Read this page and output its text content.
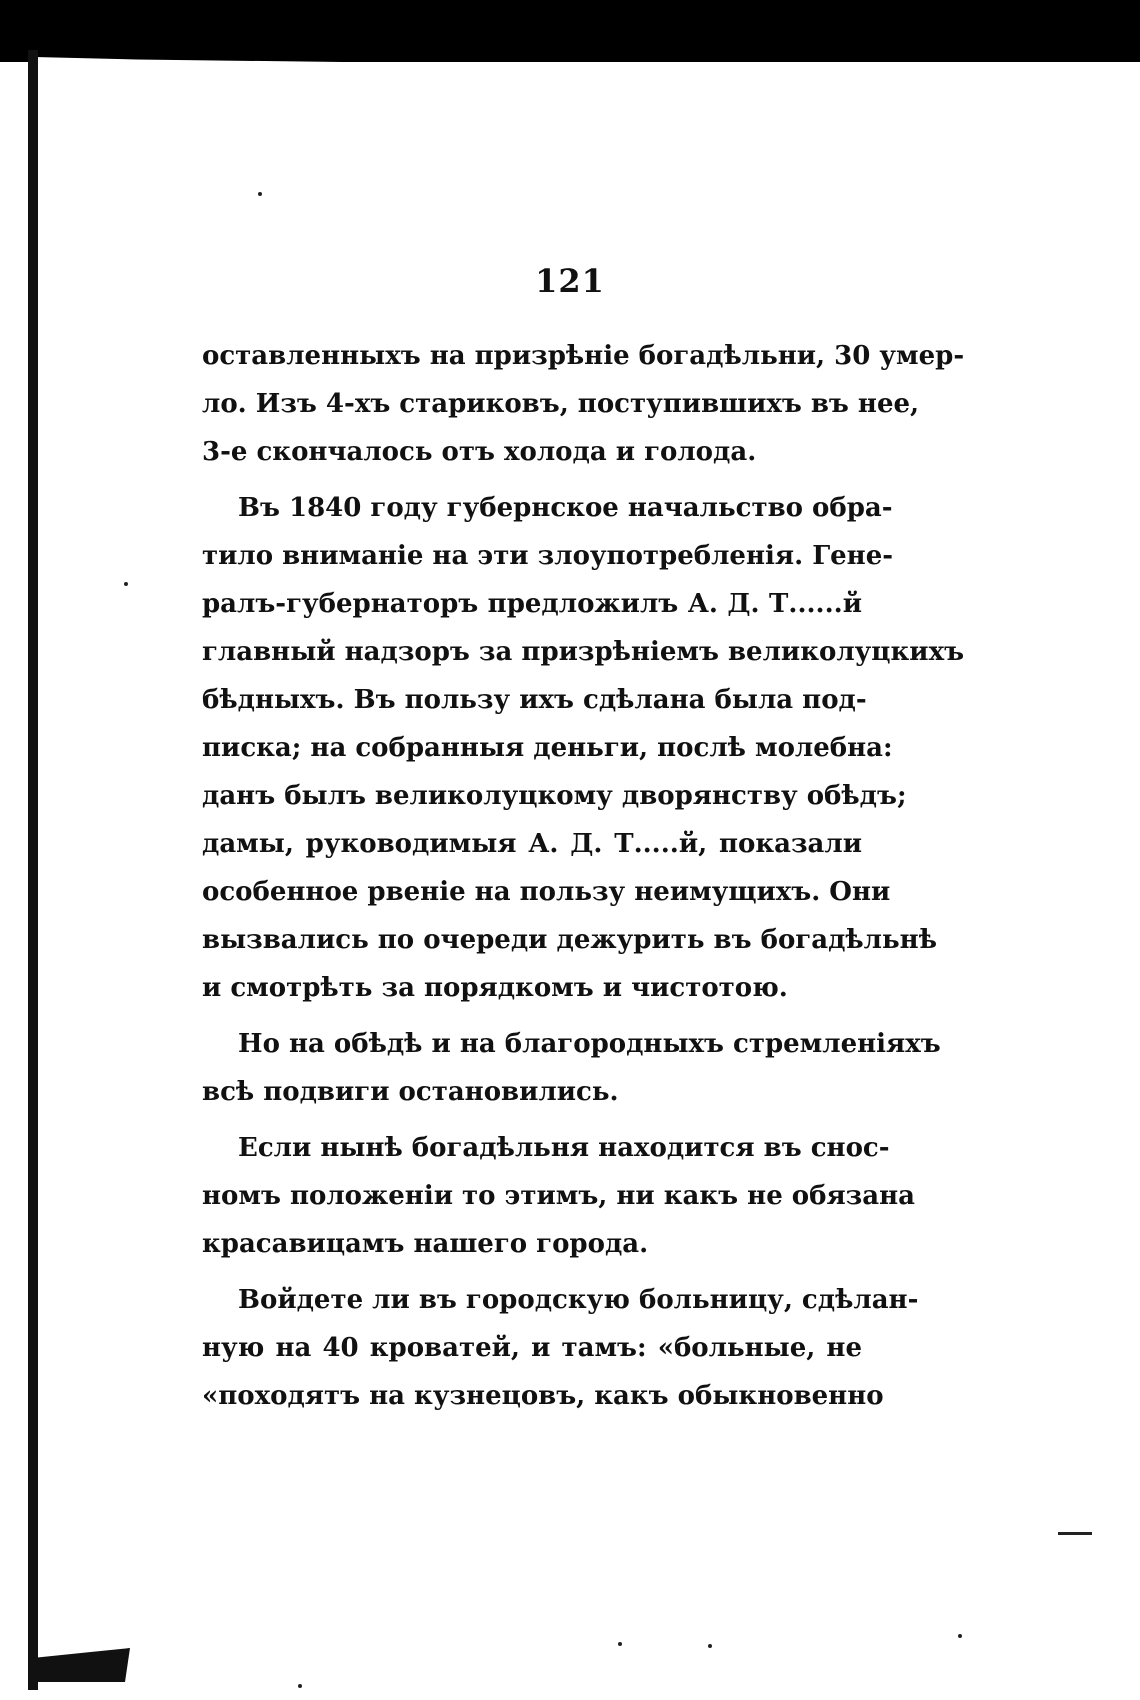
121
оставленныхъ на призрѣніе богадѣльни, 30 умер-
ло. Изъ 4-хъ стариковъ, поступившихъ въ нее,
3-е скончалось отъ холода и голода.
Въ 1840 году губернское начальство обра-
тило вниманіе на эти злоупотребленія. Гене-
ралъ-губернаторъ предложилъ А. Д. Т......й
главный надзоръ за призрѣніемъ великолуцкихъ
бѣдныхъ. Въ пользу ихъ сдѣлана была под-
писка; на собранныя деньги, послѣ молебна:
данъ былъ великолуцкому дворянству обѣдъ;
дамы, руководимыя А. Д. Т.....й, показали
особенное рвеніе на пользу неимущихъ. Они
вызвались по очереди дежурить въ богадѣльнѣ
и смотрѣть за порядкомъ и чистотою.
Но на обѣдѣ и на благородныхъ стремленіяхъ
всѣ подвиги остановились.
Если нынѣ богадѣльня находится въ снос-
номъ положеніи то этимъ, ни какъ не обязана
красавицамъ нашего города.
Войдете ли въ городскую больницу, сдѣлан-
ную на 40 кроватей, и тамъ: «больные, не
«походятъ на кузнецовъ, какъ обыкновенно
